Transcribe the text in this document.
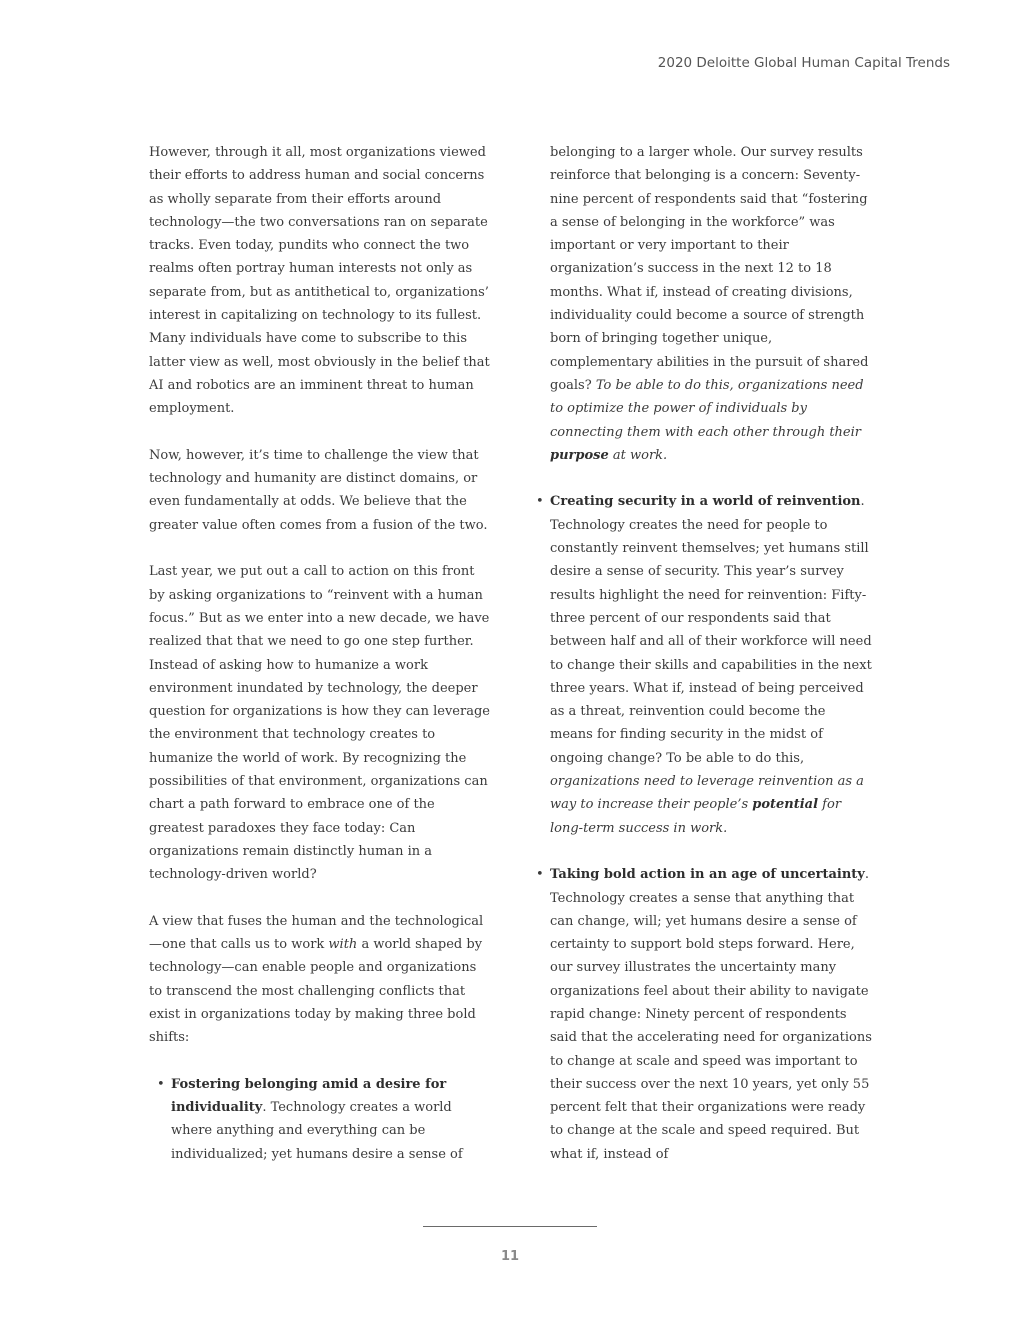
2020 Deloitte Global Human Capital Trends

However, through it all, most organizations viewed their efforts to address human and social concerns as wholly separate from their efforts around technology—the two conversations ran on separate tracks. Even today, pundits who connect the two realms often portray human interests not only as separate from, but as antithetical to, organizations’ interest in capitalizing on technology to its fullest. Many individuals have come to subscribe to this latter view as well, most obviously in the belief that AI and robotics are an imminent threat to human employment.

Now, however, it’s time to challenge the view that technology and humanity are distinct domains, or even fundamentally at odds. We believe that the greater value often comes from a fusion of the two.

Last year, we put out a call to action on this front by asking organizations to “reinvent with a human focus.” But as we enter into a new decade, we have realized that that we need to go one step further. Instead of asking how to humanize a work environment inundated by technology, the deeper question for organizations is how they can leverage the environment that technology creates to humanize the world of work. By recognizing the possibilities of that environment, organizations can chart a path forward to embrace one of the greatest paradoxes they face today: Can organizations remain distinctly human in a technology-driven world?

A view that fuses the human and the technological—one that calls us to work with a world shaped by technology—can enable people and organizations to transcend the most challenging conflicts that exist in organizations today by making three bold shifts:

• Fostering belonging amid a desire for individuality. Technology creates a world where anything and everything can be individualized; yet humans desire a sense of

belonging to a larger whole. Our survey results reinforce that belonging is a concern: Seventy-nine percent of respondents said that “fostering a sense of belonging in the workforce” was important or very important to their organization’s success in the next 12 to 18 months. What if, instead of creating divisions, individuality could become a source of strength born of bringing together unique, complementary abilities in the pursuit of shared goals? To be able to do this, organizations need to optimize the power of individuals by connecting them with each other through their purpose at work.

• Creating security in a world of reinvention. Technology creates the need for people to constantly reinvent themselves; yet humans still desire a sense of security. This year’s survey results highlight the need for reinvention: Fifty-three percent of our respondents said that between half and all of their workforce will need to change their skills and capabilities in the next three years. What if, instead of being perceived as a threat, reinvention could become the means for finding security in the midst of ongoing change? To be able to do this, organizations need to leverage reinvention as a way to increase their people’s potential for long-term success in work.
• Taking bold action in an age of uncertainty. Technology creates a sense that anything that can change, will; yet humans desire a sense of certainty to support bold steps forward. Here, our survey illustrates the uncertainty many organizations feel about their ability to navigate rapid change: Ninety percent of respondents said that the accelerating need for organizations to change at scale and speed was important to their success over the next 10 years, yet only 55 percent felt that their organizations were ready to change at the scale and speed required. But what if, instead of
11
